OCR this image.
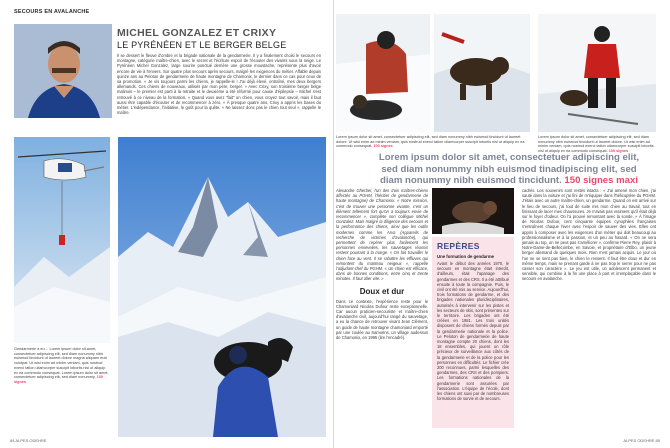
SECOURS EN AVALANCHE
MICHEL GONZALEZ ET CRIXY
LE PYRÉNÉEN ET LE BERGER BELGE
Il se dessert le fleuve d'ombre et la brigade nationale de la gendarmerie. Il y a finalement choisi le secours en montagne, catégorie maître-chien, avec le secret et l'écriture espoir de l'écouter des vivants sous la neige. Le Pyrénéen Michel Gonzalez, large sourire ponctué derrière une grosse moustache, représente plus d'avoir encore de vie à l'envers. Sur quatre plus secours après secours, malgré les exigences du métier. Affable depuis quinze ans au Peloton de gendarmerie de haute montagne de Chamonix, le dernier dans ce cas pour ceux de sa promotion. « Je vis toujours parmi les chiens, je rappelle-le ! J'ai déjà élevé, entraîné, mes deux bergers allemands. Ces chiens de nouveaux, utilisés par mon père, berger. » Avec Crixy, son troisième berger belge malinois – le premier est parti à la retraite et le deuxième a été réformé pour cause d'épilepsie – Michel s'est retrouvé à ce niveau de la formation. « Quand vous avez "fait" un chien, vous croyez tout savoir, mais il faut aussi être capable d'écouter et de recommencer à zéro. » À presque quatre ans, Crixy a appris les bases du métier. L'indépendance, l'initiative, le goût pour la quête. « Ne laissez donc pas le chien tout seul », rappelle le maître.
Gendarmerie a eu… Lorem ipsum dolor sit amet, consectetuer adipiscing elit, sed diam nonummy nibh euismod tincidunt ut laoreet dolore magna aliquam erat volutpat. Ut wisi enim ad minim veniam, quis nostrud exerci tation ullamcorper suscipit lobortis nisl ut aliquip ex ea commodo consequat. Lorem ipsum dolor sit amet, consectetuer adipiscing elit, sed diam nonummy, 100 signes
84 ALPES ODEHRE
Lorem ipsum dolor sit amet, consectetuer adipiscing elit, sed diam nonummy nibh euismod tincidunt ut laoreet dolore. Ut wisi enim ad minim veniam, quis nostrud exerci tation ullamcorper suscipit lobortis nisl ut aliquip ex ea commodo consequat. 100 signes
Lorem ipsum dolor sit amet, consectetuer adipiscing elit, sed diam nonummy nibh euismod tincidunt ut laoreet dolore. Ut wisi enim ad minim veniam, quis nostrud exerci tation ullamcorper suscipit lobortis nisl ut aliquip ex ea commodo consequat. 100 signes
Lorem ipsum dolor sit amet, consectetuer adipiscing elit, sed diam nonummy nibh euismod tinadipiscing elit, sed diam nonummy nibh euismod tincidunt. 150 signes maxi
Alexandre Gherber, l'un des trois maîtres-chiens affectés au PGHM, l'héritier de gendarmerie de haute montagne) de Chamonix. « Notre mission, c'est de trouver une personne vivante, c'est un élément tellement fort qu'on a toujours envie de recommencer », complète son collègue Michel Gonzalez. Mais malgré la diligence des secours et la performance des chiens, ainsi que les outils modernes comme les Arva (Appareils de recherche de victimes d'avalanche), qui permettent de repérer plus facilement les personnes ensevelies, les sauvetages réussis restent pourtant à la marge. « On fait travailler le chien face au vent. Il se rabattre les effluves qui remontent du manteau neigeux », rappelle l'adjudant-chef du PGHM. « Un chien est efficace, dans de bonnes conditions, entre cinq et trente minutes. Il faut aller vite. »
Doux et dur
Dans ce contexte, l'expérience reste pour le Chamoniard Nicolas Dufour reste exceptionnelle. Car aucun praticien-secouriste et maître-chien d'avalanche civil, aujourd'hui rangé du sauvetage, a eu la chance de retrouver vivant Jean Clément, un guide de haute montagne chamoniard emporté par une coulée au Samoëns, un village audessus de Chamonix, en 1995 (lire l'encadré).
REPÈRES
Une formation de gendarme
Avant le début des années 1970, le secours en montagne était interdit, d'ailleurs, était l'apanage des gendarmes et des CRS. Il a été attribué ensuite à toute la compagnie. Puis, le civil ont été mis au service. Aujourd'hui, trois formations de gendarme, et des brigades nationales pluridisciplinaires, autorisés à intervenir sur les pistes et les secteurs de skis, sont présentes sur le territoire. Les brigades ont été créées en 1981. Les trois unités disposent de chiens formés depuis par la gendarmerie nationale et la police. Le Peloton de gendarmerie de haute montagne compte 20 chiens, dont les 18 ensembles, qui jouent un rôle précieux de surveillance aux côtés de la gendarmerie et de la police pour les personnes en difficultés. Le fichier crée 200 reconnues, parmi lesquelles des gendarmes, des CRS et des pompiers. Les formations nationales de la gendarmerie sont assurées par l'association. L'équipe de l'école, dont les chiens ont suivi par de nombreuses formations de survie et de secours.
cadrés. Les souvenirs sont restés intacts : « J'ai amené mon chien, j'ai sauté dans la voiture et j'ai fini de m'équiper dans l'hélicoptère du PGHM. J'étais avec un autre maître-chien, un gendarme. Quand on est arrivé sur le lieu de secours, j'ai tout de suite mis mon chien au travail, tout en finissant de lacer mes chaussures. Je n'avais pas vraiment qu'il était déjà sur le foyer d'odeur. On l'a prouvé remontant avec la sonde. » À l'image de Nicolas Dufour, cent cinquante équipes cynophiles françaises s'entraînent chaque hiver avec l'espoir de sauver des vies. Elles ont appris à composer avec les exigences d'un métier qui doit beaucoup au professionnalisme et à la passion, et un peu au hasard. « On ne sera jamais au top, on ne peut pas s'améliorer », confirme Pierre Rey, plaisir à Notre-Dame-de-Bellecombe, en Savoie, et propriétaire d'Elbo, un jeune berger allemand de quelques mois. Rien n'est jamais acquis. Le jour où l'on ne se sent pas bien, le chien le ressent. Il faut être doux et dur en même temps, mais se prenant garde à ne pas trop le serrer pour ne pas casser son caractère ». Le jeu est utile, un adolescent permanent et sensible, qui combine à la fin une place à part et irremplaçable dans le secours en avalanche.
ALPES ODEHRE 85
